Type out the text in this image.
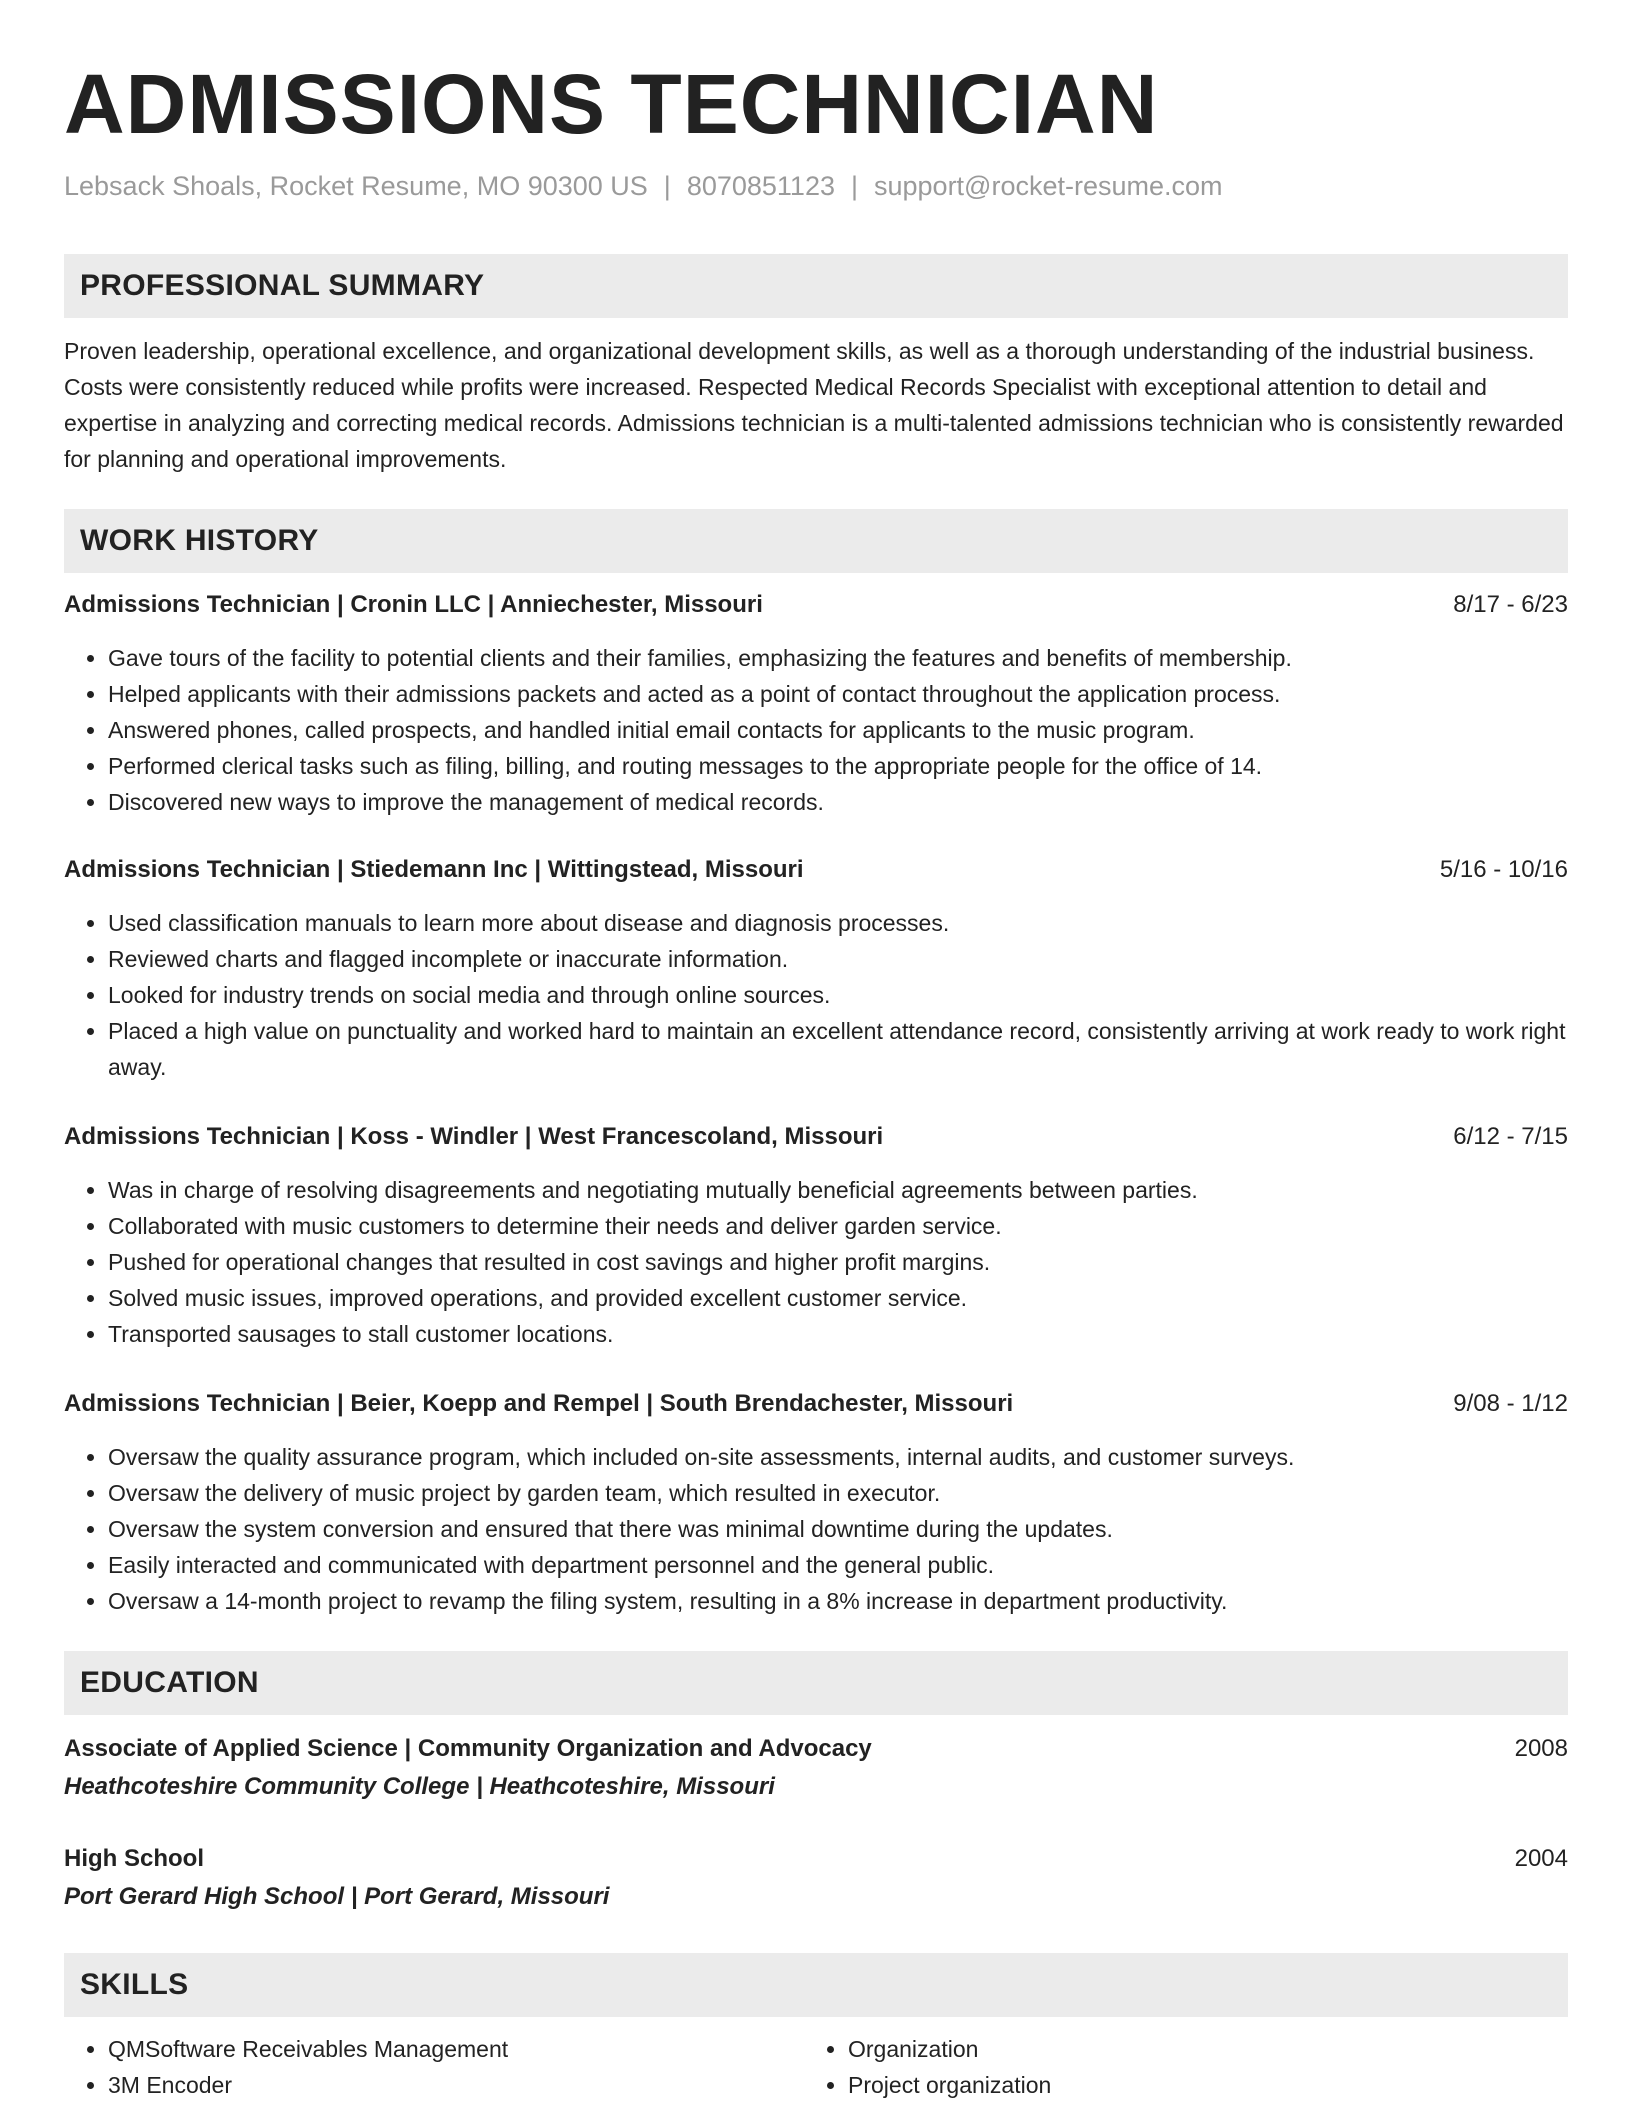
ADMISSIONS TECHNICIAN
Lebsack Shoals, Rocket Resume, MO 90300 US | 8070851123 | support@rocket-resume.com
PROFESSIONAL SUMMARY
Proven leadership, operational excellence, and organizational development skills, as well as a thorough understanding of the industrial business. Costs were consistently reduced while profits were increased. Respected Medical Records Specialist with exceptional attention to detail and expertise in analyzing and correcting medical records. Admissions technician is a multi-talented admissions technician who is consistently rewarded for planning and operational improvements.
WORK HISTORY
Admissions Technician | Cronin LLC | Anniechester, Missouri	8/17 - 6/23
• Gave tours of the facility to potential clients and their families, emphasizing the features and benefits of membership.
• Helped applicants with their admissions packets and acted as a point of contact throughout the application process.
• Answered phones, called prospects, and handled initial email contacts for applicants to the music program.
• Performed clerical tasks such as filing, billing, and routing messages to the appropriate people for the office of 14.
• Discovered new ways to improve the management of medical records.
Admissions Technician | Stiedemann Inc | Wittingstead, Missouri	5/16 - 10/16
• Used classification manuals to learn more about disease and diagnosis processes.
• Reviewed charts and flagged incomplete or inaccurate information.
• Looked for industry trends on social media and through online sources.
• Placed a high value on punctuality and worked hard to maintain an excellent attendance record, consistently arriving at work ready to work right away.
Admissions Technician | Koss - Windler | West Francescoland, Missouri	6/12 - 7/15
• Was in charge of resolving disagreements and negotiating mutually beneficial agreements between parties.
• Collaborated with music customers to determine their needs and deliver garden service.
• Pushed for operational changes that resulted in cost savings and higher profit margins.
• Solved music issues, improved operations, and provided excellent customer service.
• Transported sausages to stall customer locations.
Admissions Technician | Beier, Koepp and Rempel | South Brendachester, Missouri	9/08 - 1/12
• Oversaw the quality assurance program, which included on-site assessments, internal audits, and customer surveys.
• Oversaw the delivery of music project by garden team, which resulted in executor.
• Oversaw the system conversion and ensured that there was minimal downtime during the updates.
• Easily interacted and communicated with department personnel and the general public.
• Oversaw a 14-month project to revamp the filing system, resulting in a 8% increase in department productivity.
EDUCATION
Associate of Applied Science | Community Organization and Advocacy	2008
Heathcoteshire Community College | Heathcoteshire, Missouri
High School	2004
Port Gerard High School | Port Gerard, Missouri
SKILLS
• QMSoftware Receivables Management
• 3M Encoder
• Organization
• Project organization
